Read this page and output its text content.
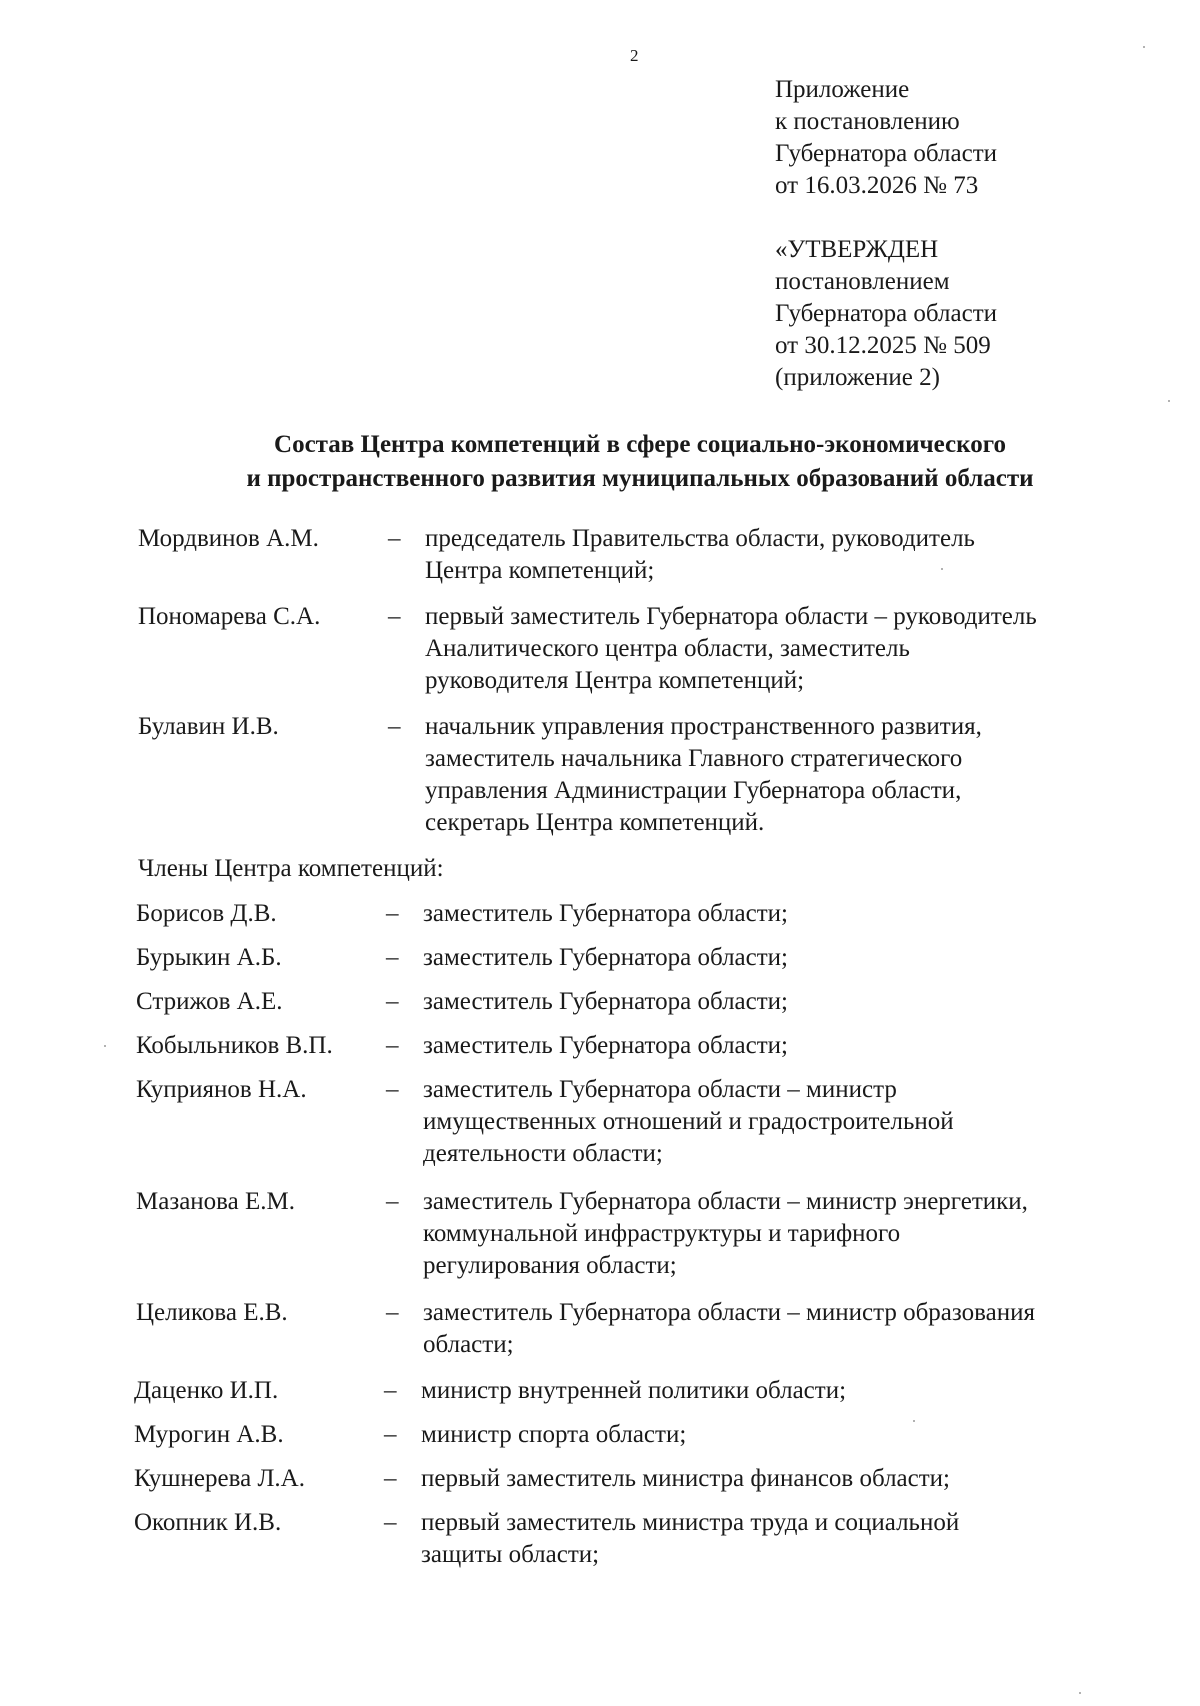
2
Приложение
к постановлению
Губернатора области
от 16.03.2026 № 73
«УТВЕРЖДЕН
постановлением
Губернатора области
от 30.12.2025 № 509
(приложение 2)
Состав Центра компетенций в сфере социально-экономического
и пространственного развития муниципальных образований области
Мордвинов А.М.	– председатель Правительства области, руководитель
Центра компетенций;
Пономарева С.А.	– первый заместитель Губернатора области – руководитель
Аналитического центра области, заместитель
руководителя Центра компетенций;
Булавин И.В.	– начальник управления пространственного развития,
заместитель начальника Главного стратегического
управления Администрации Губернатора области,
секретарь Центра компетенций.
Члены Центра компетенций:
Борисов Д.В.	– заместитель Губернатора области;
Бурыкин А.Б.	– заместитель Губернатора области;
Стрижов А.Е.	– заместитель Губернатора области;
Кобыльников В.П. – заместитель Губернатора области;
Куприянов Н.А.	– заместитель Губернатора области – министр
имущественных отношений и градостроительной
деятельности области;
Мазанова Е.М.	– заместитель Губернатора области – министр энергетики,
коммунальной инфраструктуры и тарифного
регулирования области;
Целикова Е.В.	– заместитель Губернатора области – министр образования
области;
Даценко И.П.	– министр внутренней политики области;
Мурогин А.В.	– министр спорта области;
Кушнерева Л.А.	– первый заместитель министра финансов области;
Окопник И.В.	– первый заместитель министра труда и социальной
защиты области;
